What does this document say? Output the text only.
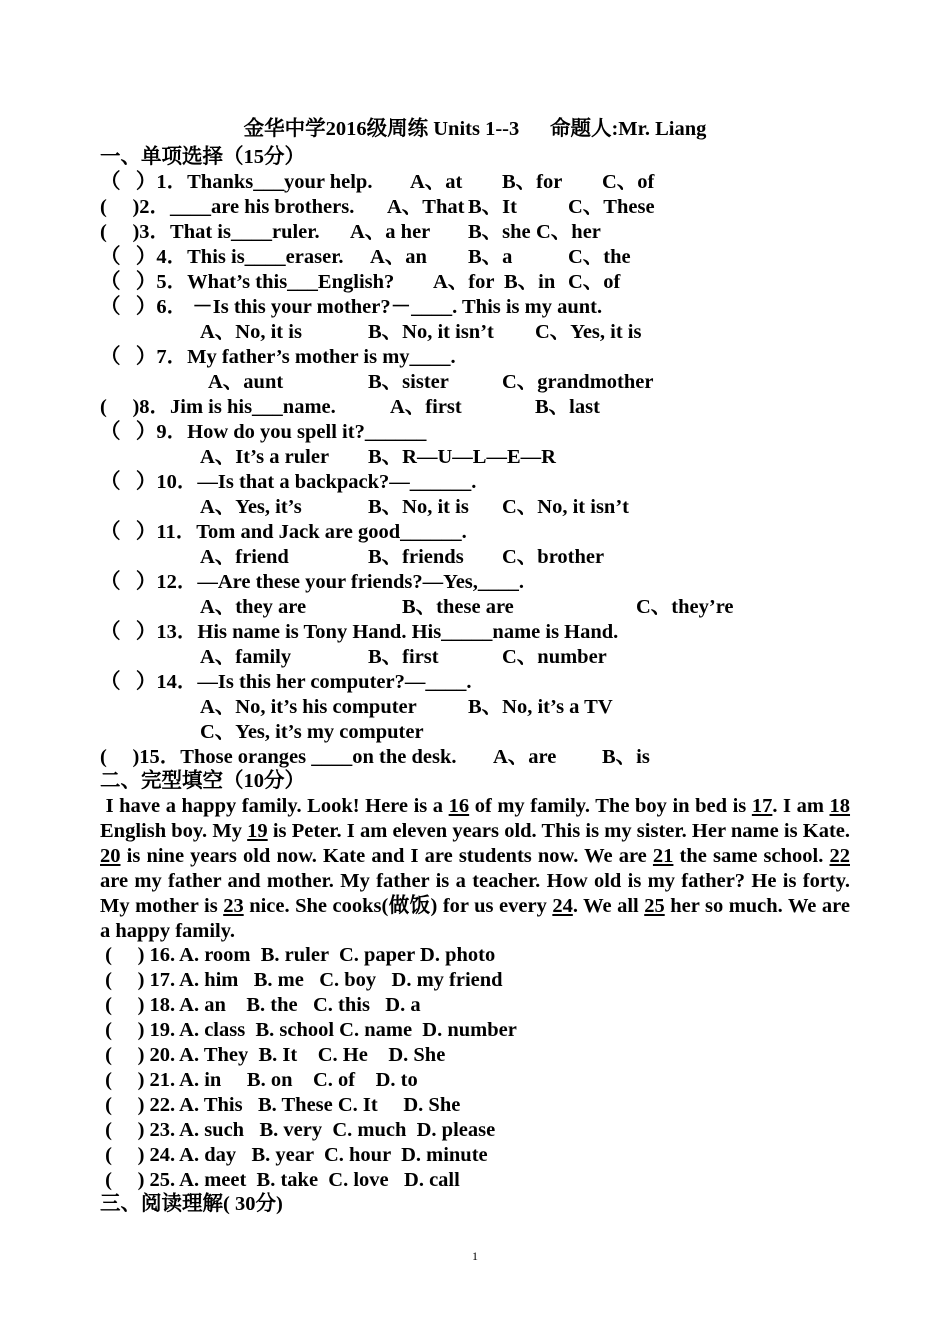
金华中学2016级周练 Units 1--3      命题人:Mr. Liang
一、单项选择（15分）

（   ）1．Thanks___your help.

A、at

B、for

C、of

(     )2．____are his brothers.

A、That

B、It

C、These

(     )3．That is____ruler.

A、a her

B、she

C、her

（   ）4．This is____eraser.

A、an

B、a

	C、the

（   ）5．What’s this___English?

A、for

B、in

C、of

（   ）6． －Is this your mother?－____. This is my aunt.

A、No, it is

	B、No, it isn’t

C、Yes, it is

（   ）7．My father’s mother is my____.

A、aunt

	B、sister

	C、grandmother

(     )8．Jim is his___name.

	A、first

	B、last

（   ）9．How do you spell it?______

A、It’s a ruler

B、R—U—L—E—R

（   ）10．—Is that a backpack?—______.

A、Yes, it’s

	B、No, it is

C、No, it isn’t

（   ）11．Tom and Jack are good______.

A、friend

	B、friends

C、brother

（   ）12．—Are these your friends?—Yes,____.

A、they are

	B、these are

	C、they’re

（   ）13．His name is Tony Hand. His_____name is Hand.

A、family

	B、first

	C、number

（   ）14．—Is this her computer?—____.

A、No, it’s his computer

B、No, it’s a TV

C、Yes, it’s my computer

(     )15．Those oranges ____on the desk.

A、are

B、is

二、完型填空（10分）
I have a happy family. Look! Here is a 16 of my family. The boy in bed is 17. I am 18 English boy. My 19 is Peter. I am eleven years old. This is my sister. Her name is Kate. 20 is nine years old now. Kate and I are students now. We are 21 the same school. 22 are my father and mother. My father is a teacher. How old is my father? He is forty. My mother is 23 nice. She cooks(做饭) for us every 24. We all 25 her so much. We are a happy family.
(     ) 16. A. room  B. ruler  C. paper D. photo
(     ) 17. A. him   B. me   C. boy   D. my friend
(     ) 18. A. an    B. the   C. this   D. a
(     ) 19. A. class  B. school C. name  D. number
(     ) 20. A. They  B. It    C. He    D. She
(     ) 21. A. in     B. on    C. of    D. to
(     ) 22. A. This   B. These C. It     D. She
(     ) 23. A. such   B. very  C. much  D. please
(     ) 24. A. day   B. year  C. hour  D. minute
(     ) 25. A. meet  B. take  C. love   D. call
三、阅读理解( 30分)
1
